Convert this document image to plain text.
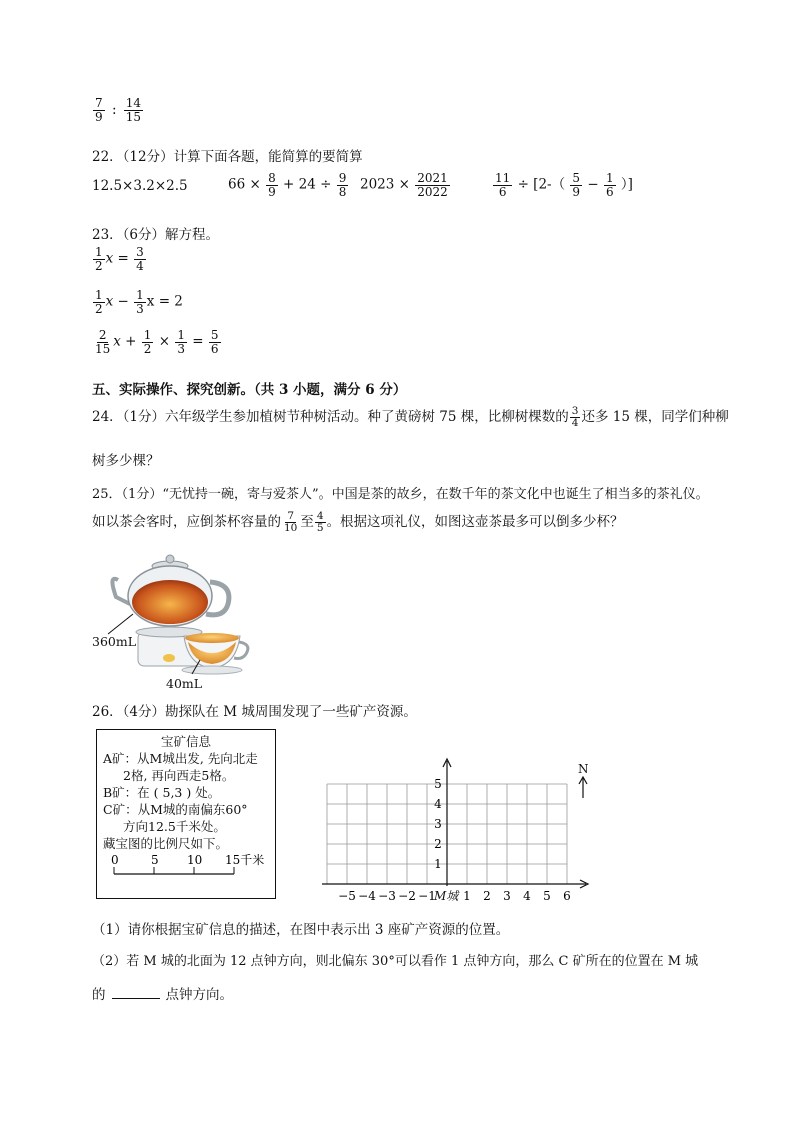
$\frac{7}{9}$ : $\frac{14}{15}$
22．（12分）计算下面各题，能简算的要简算
12.5×3.2×2.5	$66 \times \frac{8}{9} + 24 \div \frac{9}{8} 2023 \times \frac{2021}{2022}$	$\frac{11}{6} \div [2-( \frac{5}{9} - \frac{1}{6}$ ）]
23．（6分）解方程。
$\frac{1}{2}$ $x = \frac{3}{4}$
$\frac{1}{2}$ $x - \frac{1}{3}$ x = 2
$\frac{2}{15}$ $x + \frac{1}{2} \times \frac{1}{3} = \frac{5}{6}$
五、实际操作、探究创新。（共 3 小题，满分 6 分）
24．（1分）六年级学生参加植树节种树活动。种了黄磅树 75 棵，比柳树棵数的 $\frac{3}{4}$ 还多 15 棵，同学们种柳
树多少棵？
25．（1分）“无忧持一碗，寄与爱茶人”。中国是茶的故乡，在数千年的茶文化中也诞生了相当多的茶礼仪。
如以茶会客时，应倒茶杯容量的 $\frac{7}{10}$ 至 $\frac{4}{5}$ 。根据这项礼仪，如图这壶茶最多可以倒多少杯？
360mL
40mL
26．（4分）勘探队在 M 城周围发现了一些矿产资源。
宝矿信息
A矿：从M城出发, 先向北走
2格, 再向西走5格。
B矿：在 ( 5,3 ) 处。
C矿：从M城的南偏东60°
方向12.5千米处。
藏宝图的比例尺如下。
0	5 10 15千米
−5 −4 −3 −2 −1 1 2 3 4 5 6
1
2
3
4
5
N
M城
（1）请你根据宝矿信息的描述，在图中表示出 3 座矿产资源的位置。
（2）若 M 城的北面为 12 点钟方向，则北偏东 30°可以看作 1 点钟方向，那么 C 矿所在的位置在 M 城
的	点钟方向。
